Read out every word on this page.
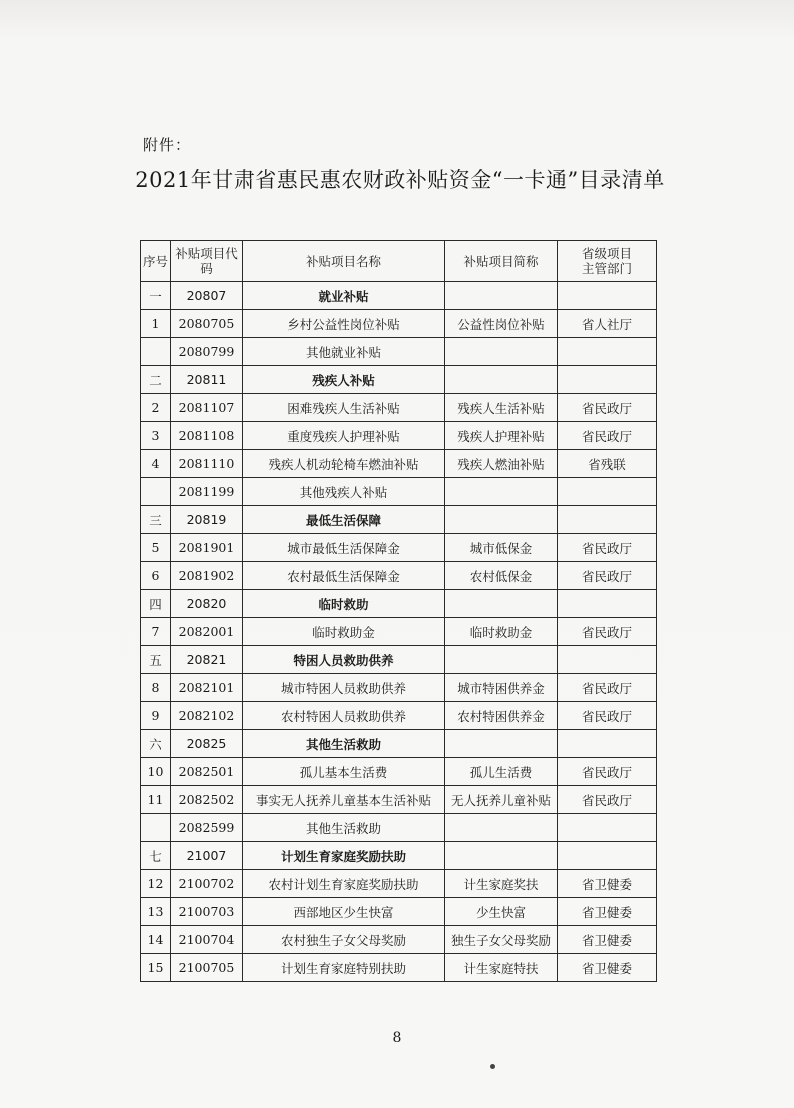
附件：
2021年甘肃省惠民惠农财政补贴资金“一卡通”目录清单
序号	补贴项目代码	补贴项目名称	补贴项目简称	省级项目主管部门
一	20807	就业补贴		
1	2080705	乡村公益性岗位补贴	公益性岗位补贴	省人社厅
	2080799	其他就业补贴		
二	20811	残疾人补贴		
2	2081107	困难残疾人生活补贴	残疾人生活补贴	省民政厅
3	2081108	重度残疾人护理补贴	残疾人护理补贴	省民政厅
4	2081110	残疾人机动轮椅车燃油补贴	残疾人燃油补贴	省残联
	2081199	其他残疾人补贴		
三	20819	最低生活保障		
5	2081901	城市最低生活保障金	城市低保金	省民政厅
6	2081902	农村最低生活保障金	农村低保金	省民政厅
四	20820	临时救助		
7	2082001	临时救助金	临时救助金	省民政厅
五	20821	特困人员救助供养		
8	2082101	城市特困人员救助供养	城市特困供养金	省民政厅
9	2082102	农村特困人员救助供养	农村特困供养金	省民政厅
六	20825	其他生活救助		
10	2082501	孤儿基本生活费	孤儿生活费	省民政厅
11	2082502	事实无人抚养儿童基本生活补贴	无人抚养儿童补贴	省民政厅
	2082599	其他生活救助		
七	21007	计划生育家庭奖励扶助		
12	2100702	农村计划生育家庭奖励扶助	计生家庭奖扶	省卫健委
13	2100703	西部地区少生快富	少生快富	省卫健委
14	2100704	农村独生子女父母奖励	独生子女父母奖励	省卫健委
15	2100705	计划生育家庭特别扶助	计生家庭特扶	省卫健委
8
